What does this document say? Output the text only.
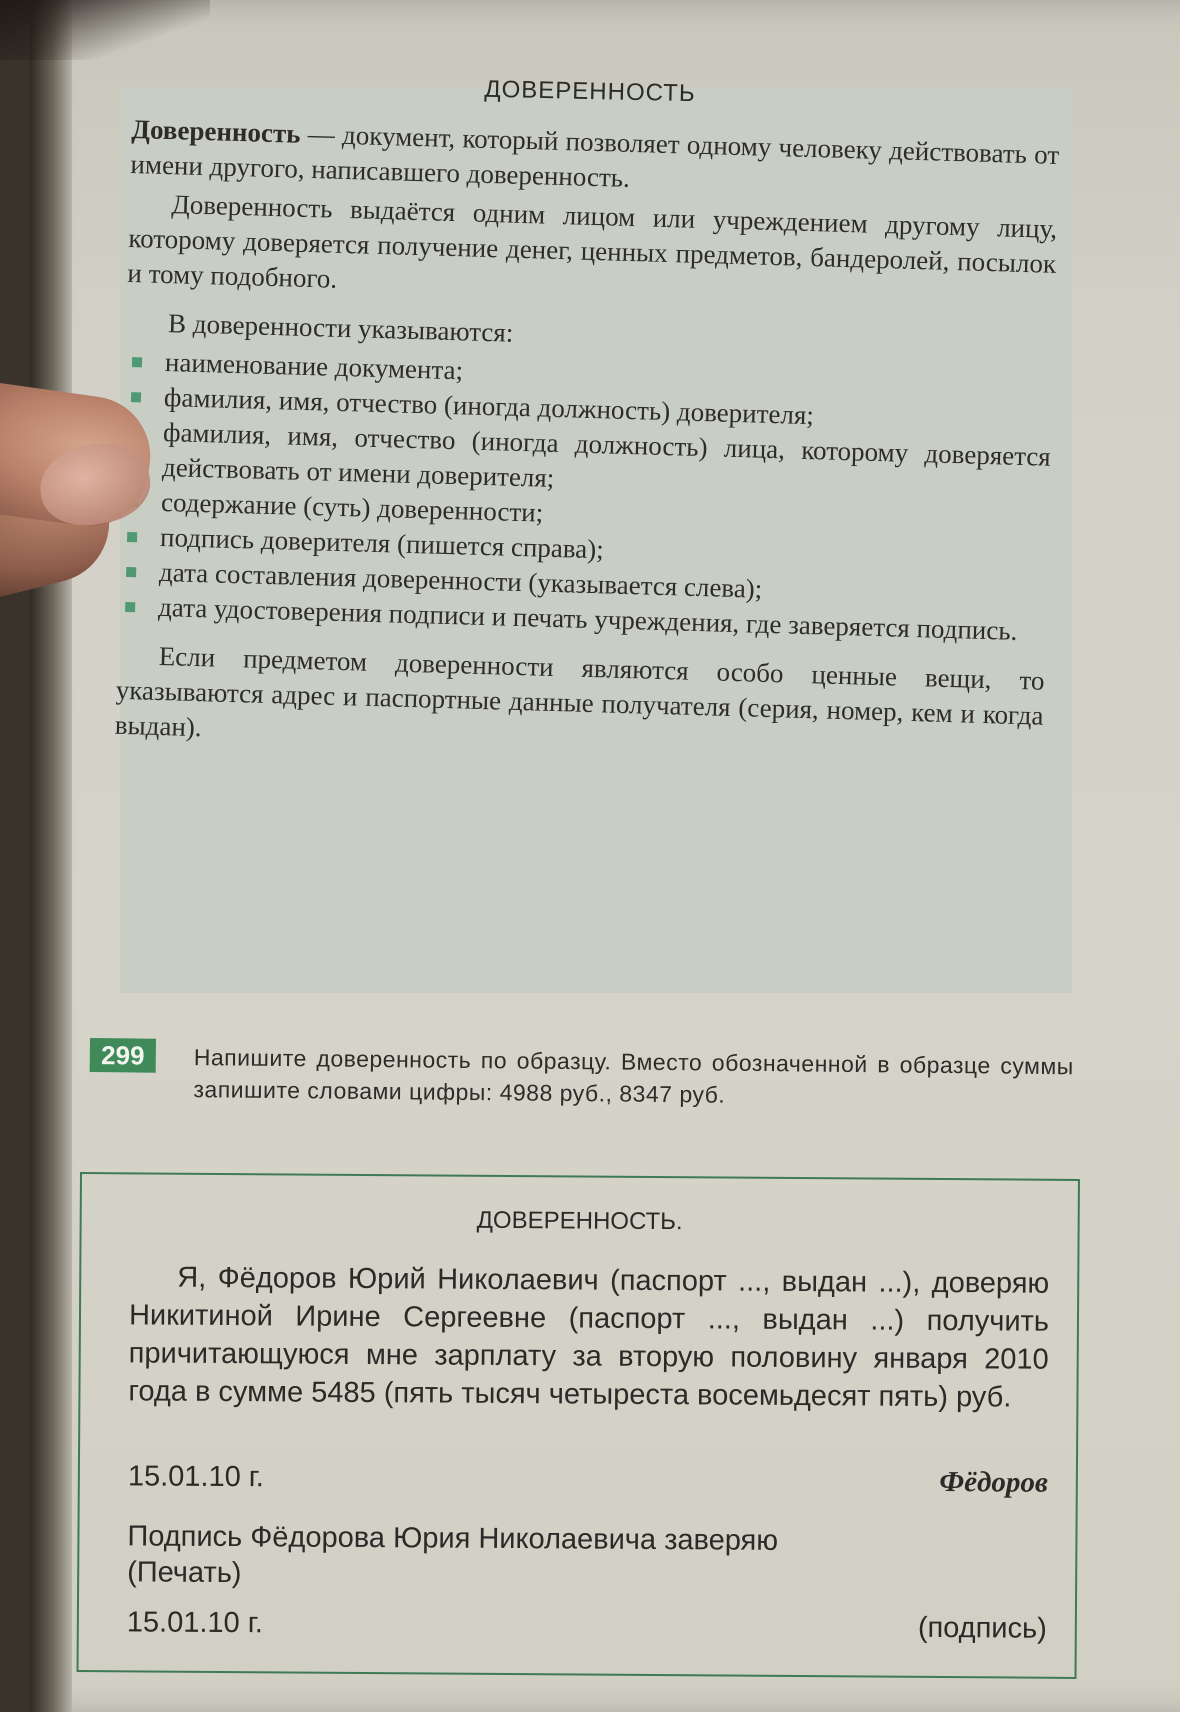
ДОВЕРЕННОСТЬ

Доверенность — документ, который позволяет одному человеку действовать от имени другого, написавшего доверенность.

Доверенность выдаётся одним лицом или учреждением другому лицу, которому доверяется получение денег, ценных предметов, бандеролей, посылок и тому подобного.

В доверенности указываются:

наименование документа;
фамилия, имя, отчество (иногда должность) доверителя;
фамилия, имя, отчество (иногда должность) лица, которому доверяется действовать от имени доверителя;
содержание (суть) доверенности;
подпись доверителя (пишется справа);
дата составления доверенности (указывается слева);
дата удостоверения подписи и печать учреждения, где заверяется подпись.

Если предметом доверенности являются особо ценные вещи, то указываются адрес и паспортные данные получателя (серия, номер, кем и когда выдан).

299	Напишите доверенность по образцу. Вместо обозначенной в образце суммы запишите словами цифры: 4988 руб., 8347 руб.
ДОВЕРЕННОСТЬ.

Я, Фёдоров Юрий Николаевич (паспорт ..., выдан ...), доверяю Никитиной Ирине Сергеевне (паспорт ..., выдан ...) получить причитающуюся мне зарплату за вторую половину января 2010 года в сумме 5485 (пять тысяч четыреста восемьдесят пять) руб.

15.01.10 г.	Фёдоров
Подпись Фёдорова Юрия Николаевича заверяю
(Печать)
15.01.10 г.	(подпись)
